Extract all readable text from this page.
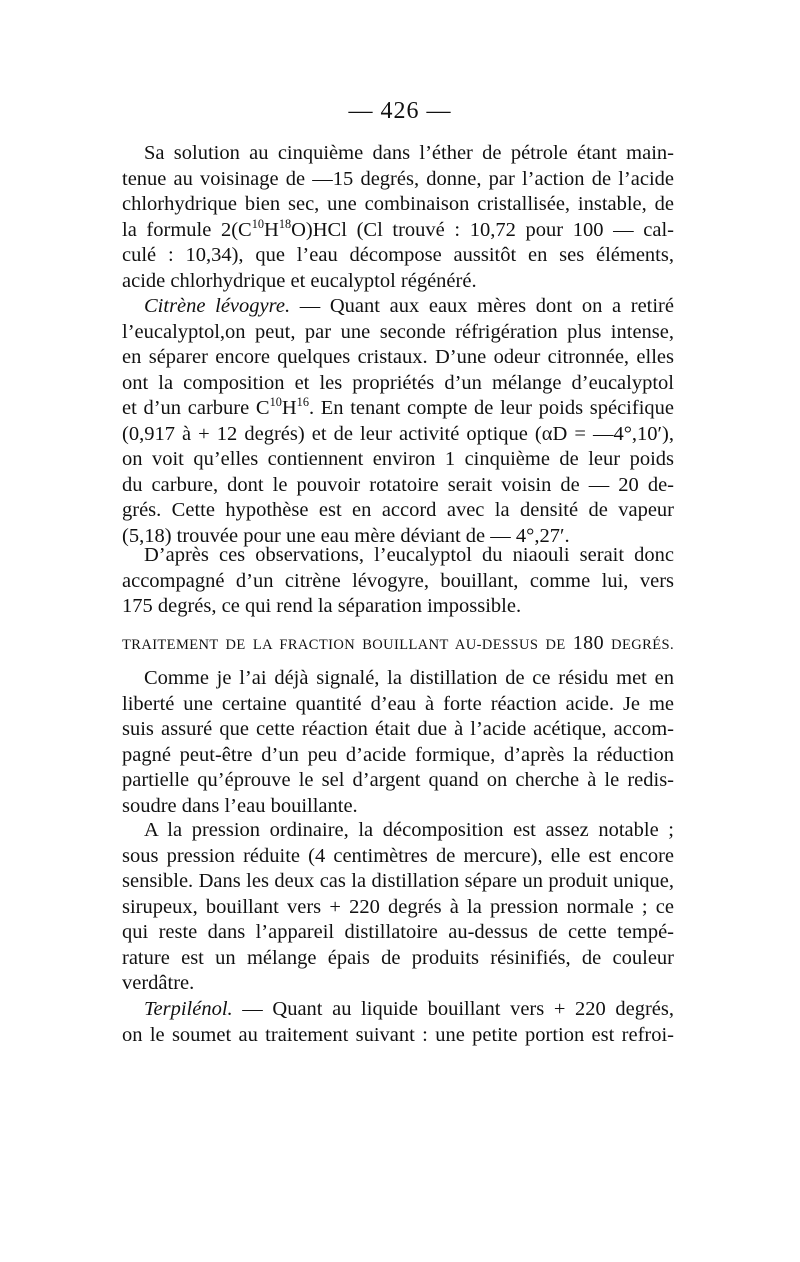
— 426 —
Sa solution au cinquième dans l’éther de pétrole étant main-
tenue au voisinage de —15 degrés, donne, par l’action de l’acide
chlorhydrique bien sec, une combinaison cristallisée, instable, de
la formule $2(C^{10}H^{18}O)HCl$ (Cl trouvé : 10,72 pour 100 — cal-
culé : 10,34), que l’eau décompose aussitôt en ses éléments,
acide chlorhydrique et eucalyptol régénéré.
Citrène lévogyre. — Quant aux eaux mères dont on a retiré
l’eucalyptol,on peut, par une seconde réfrigération plus intense,
en séparer encore quelques cristaux. D’une odeur citronnée, elles
ont la composition et les propriétés d’un mélange d’eucalyptol
et d’un carbure $C^{10}H^{16}$. En tenant compte de leur poids spécifique
(0,917 à + 12 degrés) et de leur activité optique (αD = —4°,10′),
on voit qu’elles contiennent environ 1 cinquième de leur poids
du carbure, dont le pouvoir rotatoire serait voisin de — 20 de-
grés. Cette hypothèse est en accord avec la densité de vapeur
(5,18) trouvée pour une eau mère déviant de — 4°,27′.
D’après ces observations, l’eucalyptol du niaouli serait donc
accompagné d’un citrène lévogyre, bouillant, comme lui, vers
175 degrés, ce qui rend la séparation impossible.
TRAITEMENT DE LA FRACTION BOUILLANT AU-DESSUS DE 180 DEGRÉS.
Comme je l’ai déjà signalé, la distillation de ce résidu met en
liberté une certaine quantité d’eau à forte réaction acide. Je me
suis assuré que cette réaction était due à l’acide acétique, accom-
pagné peut-être d’un peu d’acide formique, d’après la réduction
partielle qu’éprouve le sel d’argent quand on cherche à le redis-
soudre dans l’eau bouillante.
A la pression ordinaire, la décomposition est assez notable ;
sous pression réduite (4 centimètres de mercure), elle est encore
sensible. Dans les deux cas la distillation sépare un produit unique,
sirupeux, bouillant vers + 220 degrés à la pression normale ; ce
qui reste dans l’appareil distillatoire au-dessus de cette tempé-
rature est un mélange épais de produits résinifiés, de couleur
verdâtre.
Terpilénol. — Quant au liquide bouillant vers + 220 degrés,
on le soumet au traitement suivant : une petite portion est refroi-
